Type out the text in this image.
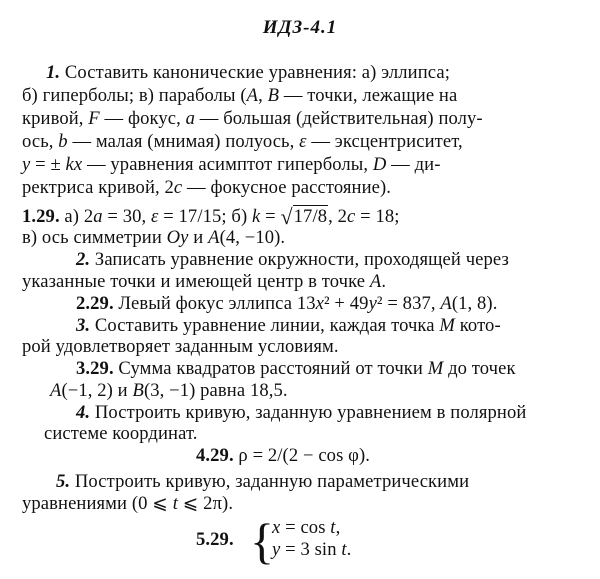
ИДЗ-4.1
1. Составить канонические уравнения: а) эллипса;
б) гиперболы; в) параболы (A, B — точки, лежащие на
кривой, F — фокус, a — большая (действительная) полу-
ось, b — малая (мнимая) полуось, ε — эксцентриситет,
y = ± kx — уравнения асимптот гиперболы, D — ди-
ректриса кривой, 2c — фокусное расстояние).
1.29. а) 2a = 30, ε = 17/15; б) k = √17/8, 2c = 18;
в) ось симметрии Oy и A(4, −10).
2. Записать уравнение окружности, проходящей через
указанные точки и имеющей центр в точке A.
2.29. Левый фокус эллипса 13x² + 49y² = 837, A(1, 8).
3. Составить уравнение линии, каждая точка M кото-
рой удовлетворяет заданным условиям.
3.29. Сумма квадратов расстояний от точки M до точек
A(−1, 2) и B(3, −1) равна 18,5.
4. Построить кривую, заданную уравнением в полярной
системе координат.
4.29. ρ = 2/(2 − cos φ).
5. Построить кривую, заданную параметрическими
уравнениями (0 ⩽ t ⩽ 2π).
5.29. {
x = cos t,
y = 3 sin t.
